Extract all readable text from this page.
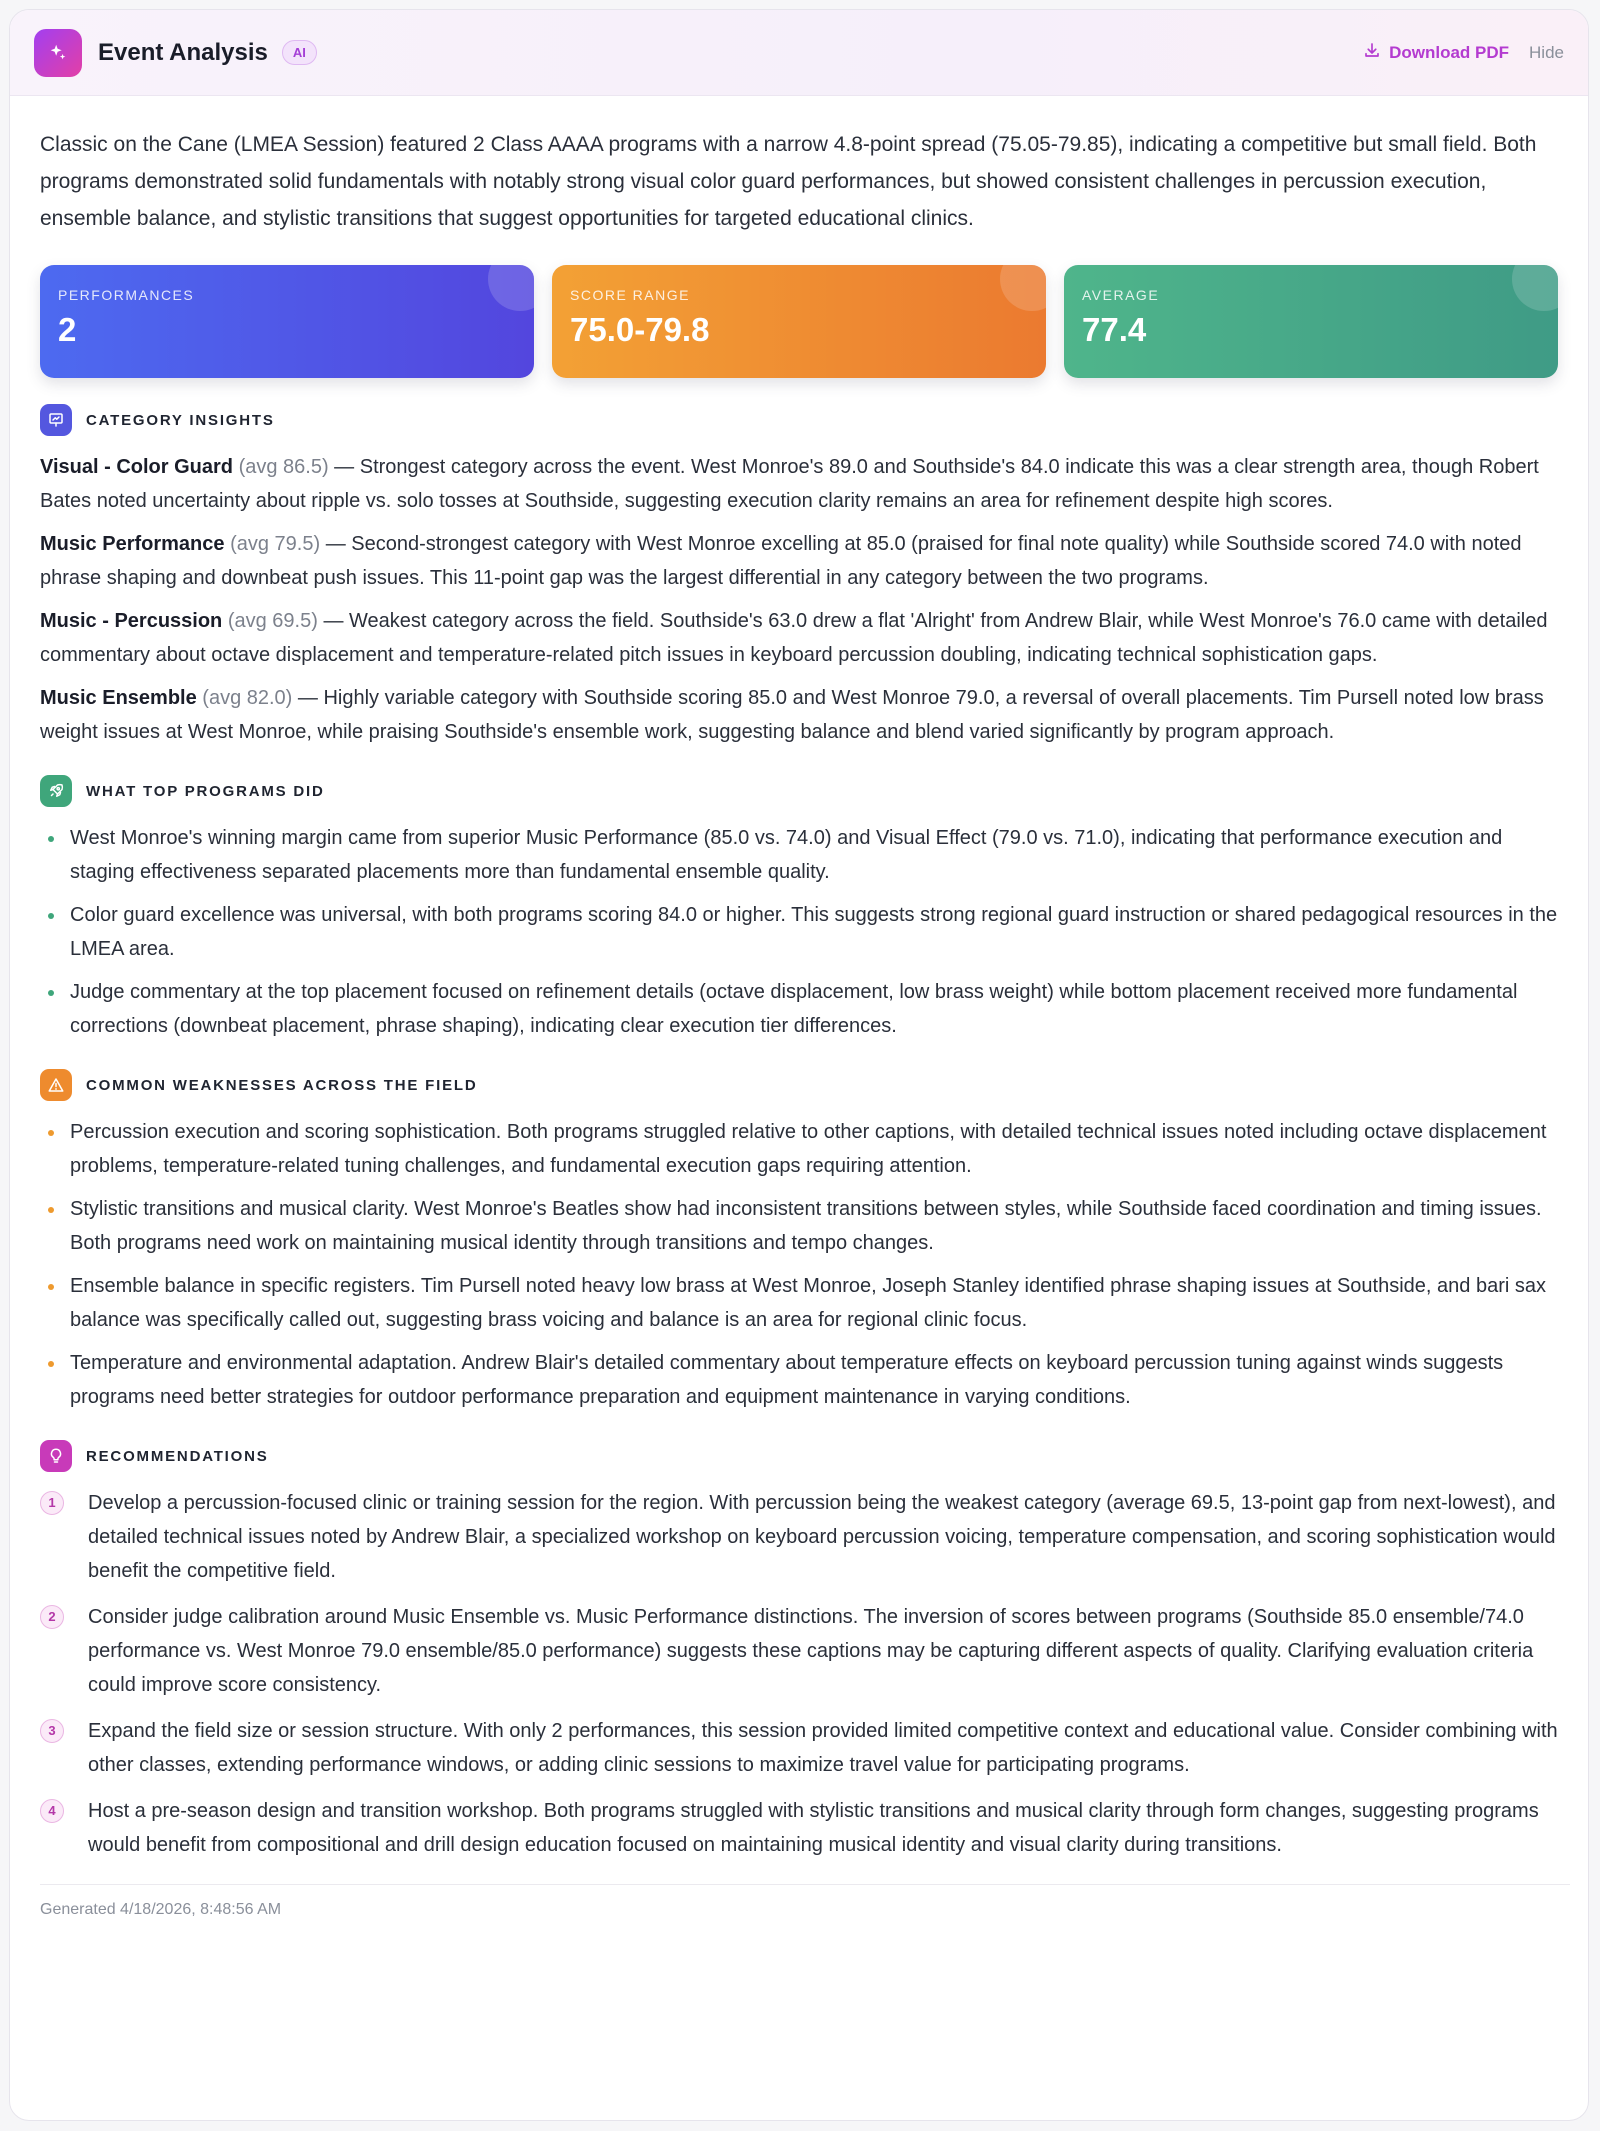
Event Analysis	AI	Download PDF Hide

Classic on the Cane (LMEA Session) featured 2 Class AAAA programs with a narrow 4.8-point spread (75.05-79.85), indicating a competitive but small field. Both programs demonstrated solid fundamentals with notably strong visual color guard performances, but showed consistent challenges in percussion execution, ensemble balance, and stylistic transitions that suggest opportunities for targeted educational clinics.

PERFORMANCES
2
SCORE RANGE
75.0-79.8
AVERAGE
77.4
CATEGORY INSIGHTS

Visual - Color Guard (avg 86.5) — Strongest category across the event. West Monroe's 89.0 and Southside's 84.0 indicate this was a clear strength area, though Robert Bates noted uncertainty about ripple vs. solo tosses at Southside, suggesting execution clarity remains an area for refinement despite high scores.

Music Performance (avg 79.5) — Second-strongest category with West Monroe excelling at 85.0 (praised for final note quality) while Southside scored 74.0 with noted phrase shaping and downbeat push issues. This 11-point gap was the largest differential in any category between the two programs.

Music - Percussion (avg 69.5) — Weakest category across the field. Southside's 63.0 drew a flat 'Alright' from Andrew Blair, while West Monroe's 76.0 came with detailed commentary about octave displacement and temperature-related pitch issues in keyboard percussion doubling, indicating technical sophistication gaps.

Music Ensemble (avg 82.0) — Highly variable category with Southside scoring 85.0 and West Monroe 79.0, a reversal of overall placements. Tim Pursell noted low brass weight issues at West Monroe, while praising Southside's ensemble work, suggesting balance and blend varied significantly by program approach.

WHAT TOP PROGRAMS DID
West Monroe's winning margin came from superior Music Performance (85.0 vs. 74.0) and Visual Effect (79.0 vs. 71.0), indicating that performance execution and staging effectiveness separated placements more than fundamental ensemble quality.
Color guard excellence was universal, with both programs scoring 84.0 or higher. This suggests strong regional guard instruction or shared pedagogical resources in the LMEA area.
Judge commentary at the top placement focused on refinement details (octave displacement, low brass weight) while bottom placement received more fundamental corrections (downbeat placement, phrase shaping), indicating clear execution tier differences.
COMMON WEAKNESSES ACROSS THE FIELD
Percussion execution and scoring sophistication. Both programs struggled relative to other captions, with detailed technical issues noted including octave displacement problems, temperature-related tuning challenges, and fundamental execution gaps requiring attention.
Stylistic transitions and musical clarity. West Monroe's Beatles show had inconsistent transitions between styles, while Southside faced coordination and timing issues. Both programs need work on maintaining musical identity through transitions and tempo changes.
Ensemble balance in specific registers. Tim Pursell noted heavy low brass at West Monroe, Joseph Stanley identified phrase shaping issues at Southside, and bari sax balance was specifically called out, suggesting brass voicing and balance is an area for regional clinic focus.
Temperature and environmental adaptation. Andrew Blair's detailed commentary about temperature effects on keyboard percussion tuning against winds suggests programs need better strategies for outdoor performance preparation and equipment maintenance in varying conditions.
RECOMMENDATIONS
1	Develop a percussion-focused clinic or training session for the region. With percussion being the weakest category (average 69.5, 13-point gap from next-lowest), and detailed technical issues noted by Andrew Blair, a specialized workshop on keyboard percussion voicing, temperature compensation, and scoring sophistication would benefit the competitive field.
2	Consider judge calibration around Music Ensemble vs. Music Performance distinctions. The inversion of scores between programs (Southside 85.0 ensemble/74.0 performance vs. West Monroe 79.0 ensemble/85.0 performance) suggests these captions may be capturing different aspects of quality. Clarifying evaluation criteria could improve score consistency.
3	Expand the field size or session structure. With only 2 performances, this session provided limited competitive context and educational value. Consider combining with other classes, extending performance windows, or adding clinic sessions to maximize travel value for participating programs.
4	Host a pre-season design and transition workshop. Both programs struggled with stylistic transitions and musical clarity through form changes, suggesting programs would benefit from compositional and drill design education focused on maintaining musical identity and visual clarity during transitions.
Generated 4/18/2026, 8:48:56 AM
